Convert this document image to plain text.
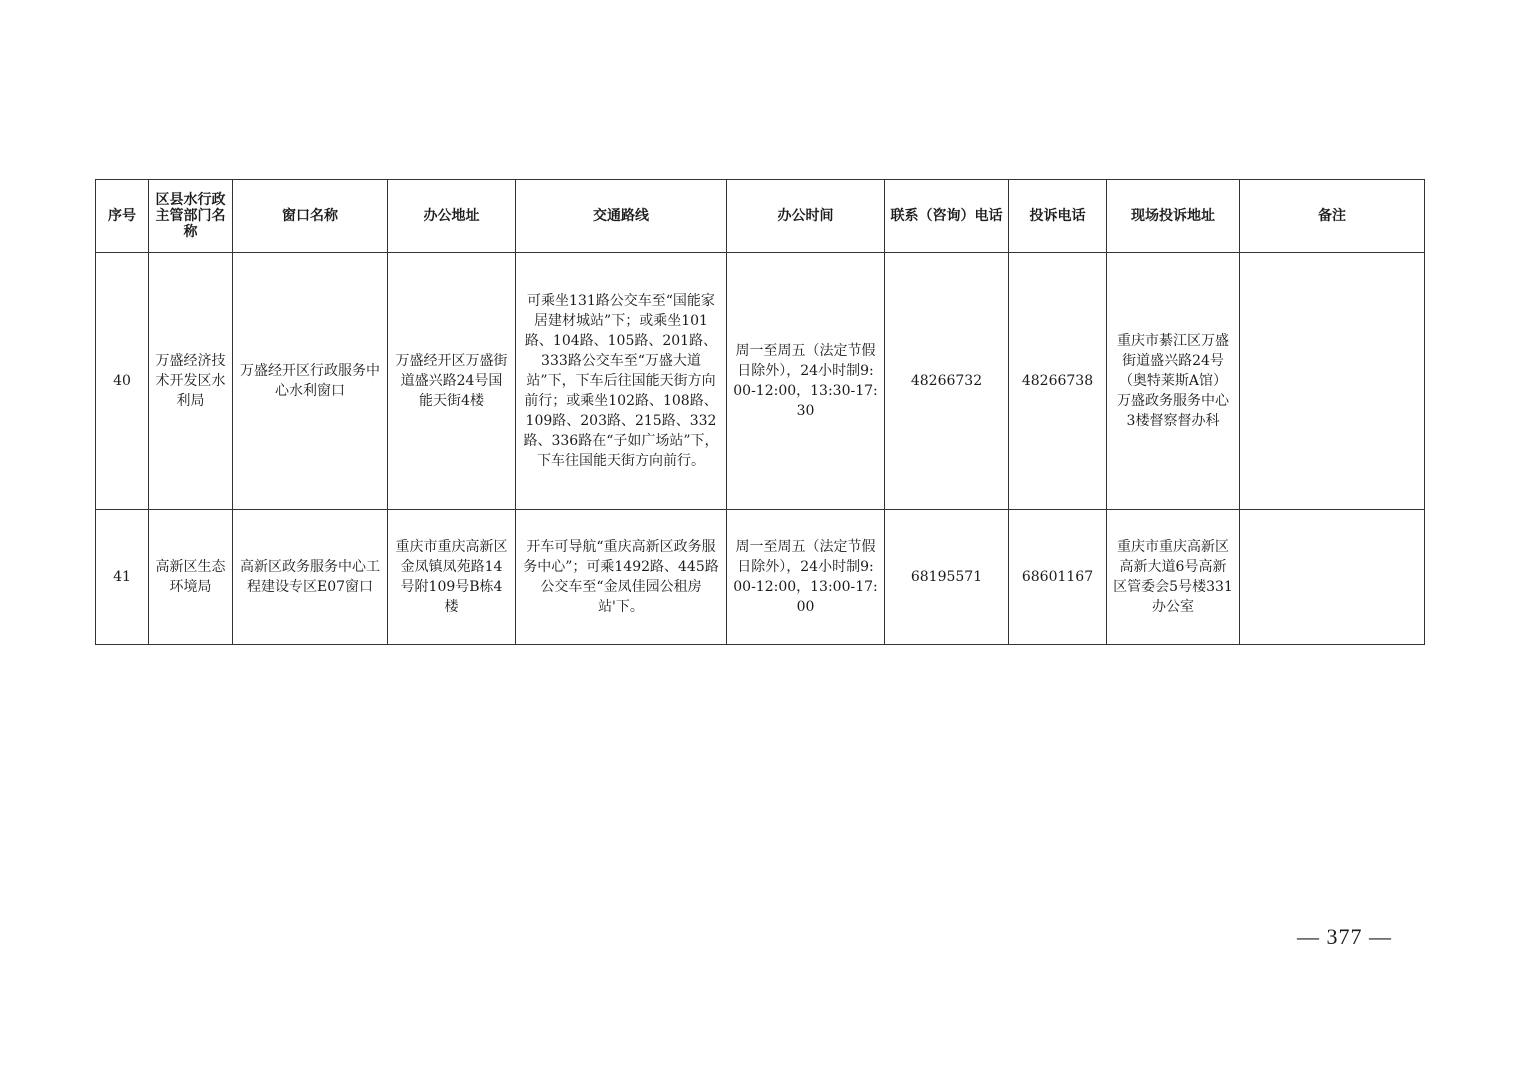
序号	区县水行政主管部门名称	窗口名称	办公地址	交通路线	办公时间	联系（咨询）电话	投诉电话	现场投诉地址	备注
40	万盛经济技术开发区水利局	万盛经开区行政服务中心水利窗口	万盛经开区万盛街道盛兴路24号国能天街4楼	可乘坐131路公交车至“国能家居建材城站”下；或乘坐101路、104路、105路、201路、333路公交车至“万盛大道站”下，下车后往国能天街方向前行；或乘坐102路、108路、109路、203路、215路、332路、336路在“子如广场站”下，下车往国能天街方向前行。	周一至周五（法定节假日除外），24小时制9:00-12:00，13:30-17:30	48266732	48266738	重庆市綦江区万盛街道盛兴路24号（奥特莱斯A馆）万盛政务服务中心3楼督察督办科	
41	高新区生态环境局	高新区政务服务中心工程建设专区E07窗口	重庆市重庆高新区金凤镇凤苑路14号附109号B栋4楼	开车可导航“重庆高新区政务服务中心”；可乘1492路、445路公交车至“金凤佳园公租房站'下。	周一至周五（法定节假日除外），24小时制9:00-12:00，13:00-17:00	68195571	68601167	重庆市重庆高新区高新大道6号高新区管委会5号楼331办公室	
— 377 —
